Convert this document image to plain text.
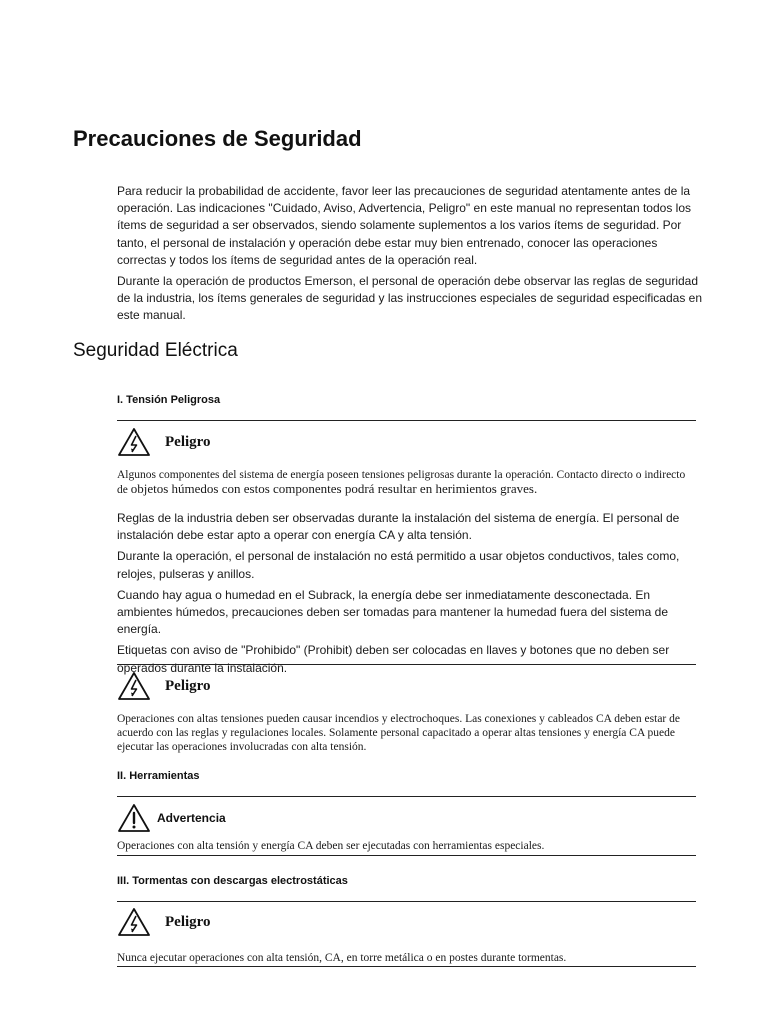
Precauciones de Seguridad

Para reducir la probabilidad de accidente, favor leer las precauciones de seguridad atentamente antes de la operación. Las indicaciones "Cuidado, Aviso, Advertencia, Peligro" en este manual no representan todos los ítems de seguridad a ser observados, siendo solamente suplementos a los varios ítems de seguridad. Por tanto, el personal de instalación y operación debe estar muy bien entrenado, conocer las operaciones correctas y todos los ítems de seguridad antes de la operación real.

Durante la operación de productos Emerson, el personal de operación debe observar las reglas de seguridad de la industria, los ítems generales de seguridad y las instrucciones especiales de seguridad especificadas en este manual.

Seguridad Eléctrica
I. Tensión Peligrosa
Peligro

Algunos componentes del sistema de energía poseen tensiones peligrosas durante la operación. Contacto directo o indirecto
de objetos húmedos con estos componentes podrá resultar en herimientos graves.

Reglas de la industria deben ser observadas durante la instalación del sistema de energía. El personal de instalación debe estar apto a operar con energía CA y alta tensión.

Durante la operación, el personal de instalación no está permitido a usar objetos conductivos, tales como, relojes, pulseras y anillos.

Cuando hay agua o humedad en el Subrack, la energía debe ser inmediatamente desconectada. En ambientes húmedos, precauciones deben ser tomadas para mantener la humedad fuera del sistema de energía.

Etiquetas con aviso de "Prohibido" (Prohibit) deben ser colocadas en llaves y botones que no deben ser operados durante la instalación.

Peligro

Operaciones con altas tensiones pueden causar incendios y electrochoques. Las conexiones y cableados CA deben estar de acuerdo con las reglas y regulaciones locales. Solamente personal capacitado a operar altas tensiones y energía CA puede ejecutar las operaciones involucradas con alta tensión.

II. Herramientas
Advertencia

Operaciones con alta tensión y energía CA deben ser ejecutadas con herramientas especiales.

III. Tormentas con descargas electrostáticas
Peligro

Nunca ejecutar operaciones con alta tensión, CA, en torre metálica o en postes durante tormentas.
